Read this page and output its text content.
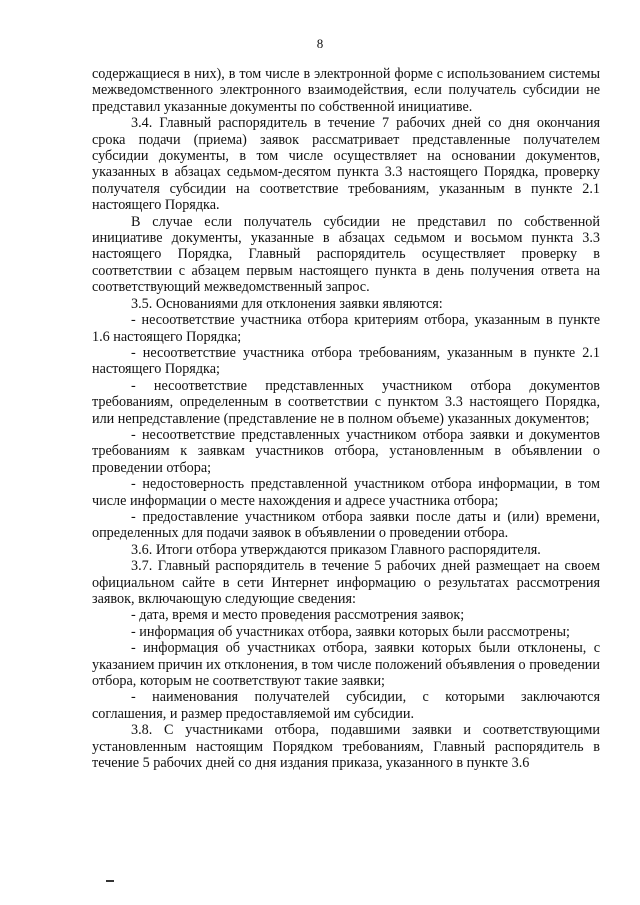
8

содержащиеся в них), в том числе в электронной форме с использованием системы межведомственного электронного взаимодействия, если получатель субсидии не представил указанные документы по собственной инициативе.

3.4. Главный распорядитель в течение 7 рабочих дней со дня окончания срока подачи (приема) заявок рассматривает представленные получателем субсидии документы, в том числе осуществляет на основании документов, указанных в абзацах седьмом-десятом пункта 3.3 настоящего Порядка, проверку получателя субсидии на соответствие требованиям, указанным в пункте 2.1 настоящего Порядка.

В случае если получатель субсидии не представил по собственной инициативе документы, указанные в абзацах седьмом и восьмом пункта 3.3 настоящего Порядка, Главный распорядитель осуществляет проверку в соответствии с абзацем первым настоящего пункта в день получения ответа на соответствующий межведомственный запрос.

3.5. Основаниями для отклонения заявки являются:

- несоответствие участника отбора критериям отбора, указанным в пункте 1.6 настоящего Порядка;

- несоответствие участника отбора требованиям, указанным в пункте 2.1 настоящего Порядка;

- несоответствие представленных участником отбора документов требованиям, определенным в соответствии с пунктом 3.3 настоящего Порядка, или непредставление (представление не в полном объеме) указанных документов;

- несоответствие представленных участником отбора заявки и документов требованиям к заявкам участников отбора, установленным в объявлении о проведении отбора;

- недостоверность представленной участником отбора информации, в том числе информации о месте нахождения и адресе участника отбора;

- предоставление участником отбора заявки после даты и (или) времени, определенных для подачи заявок в объявлении о проведении отбора.

3.6. Итоги отбора утверждаются приказом Главного распорядителя.

3.7. Главный распорядитель в течение 5 рабочих дней размещает на своем официальном сайте в сети Интернет информацию о результатах рассмотрения заявок, включающую следующие сведения:

- дата, время и место проведения рассмотрения заявок;

- информация об участниках отбора, заявки которых были рассмотрены;

- информация об участниках отбора, заявки которых были отклонены, с указанием причин их отклонения, в том числе положений объявления о проведении отбора, которым не соответствуют такие заявки;

- наименования получателей субсидии, с которыми заключаются соглашения, и размер предоставляемой им субсидии.

3.8. С участниками отбора, подавшими заявки и соответствующими установленным настоящим Порядком требованиям, Главный распорядитель в течение 5 рабочих дней со дня издания приказа, указанного в пункте 3.6
